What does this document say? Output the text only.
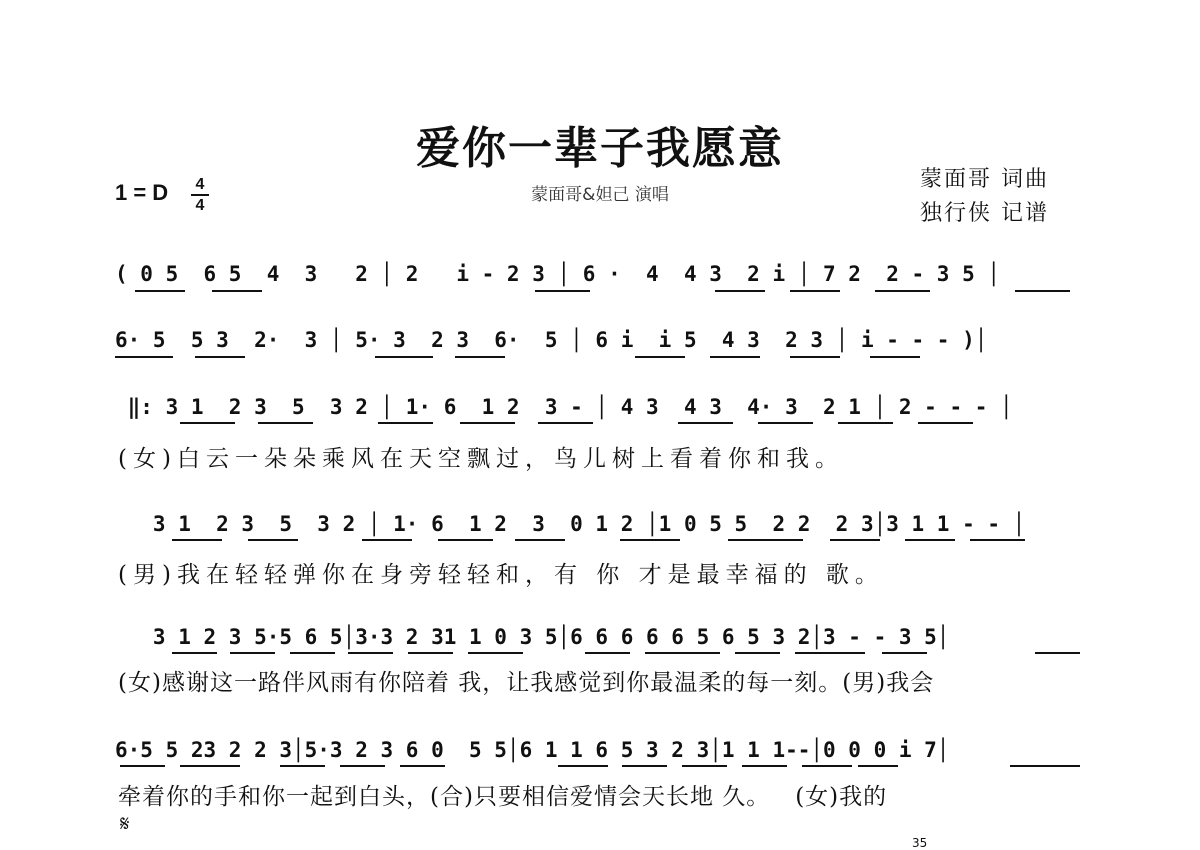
爱你一辈子我愿意
蒙面哥&妲己 演唱
蒙面哥 词曲
独行侠 记谱
1 = D	4
4
( 0 5  6 5  4  3   2 │ 2   i - 2 3 │ 6 ·  4  4 3  2 i │ 7 2  2 - 3 5 │
6· 5  5 3  2·  3 │ 5· 3  2 3  6·  5 │ 6 i  i 5  4 3  2 3 │ i - - - )│
‖: 3 1  2 3  5  3 2 │ 1· 6  1 2  3 - │ 4 3  4 3  4· 3  2 1 │ 2 - - - │
(女)白云一朵朵乘风在天空飘过，鸟儿树上看着你和我。
3 1  2 3  5  3 2 │ 1· 6  1 2  3  0 1 2 │1 0 5 5  2 2  2 3│3 1 1 - - │
(男)我在轻轻弹你在身旁轻轻和，有 你 才是最幸福的 歌。
3 1 2 3 5·5 6 5│3·3 2 31 1 0 3 5│6 6 6 6 6 5 6 5 3 2│3 - - 3 5│
(女)感谢这一路伴风雨有你陪着 我，让我感觉到你最温柔的每一刻。(男)我会
6·5 5 23 2 2 3│5·3 2 3 6 0  5 5│6 1 1 6 5 3 2 3│1 1 1--│0 0 0 i 7│
牵着你的手和你一起到白头，(合)只要相信爱情会天长地 久。   (女)我的
𝄋
35
